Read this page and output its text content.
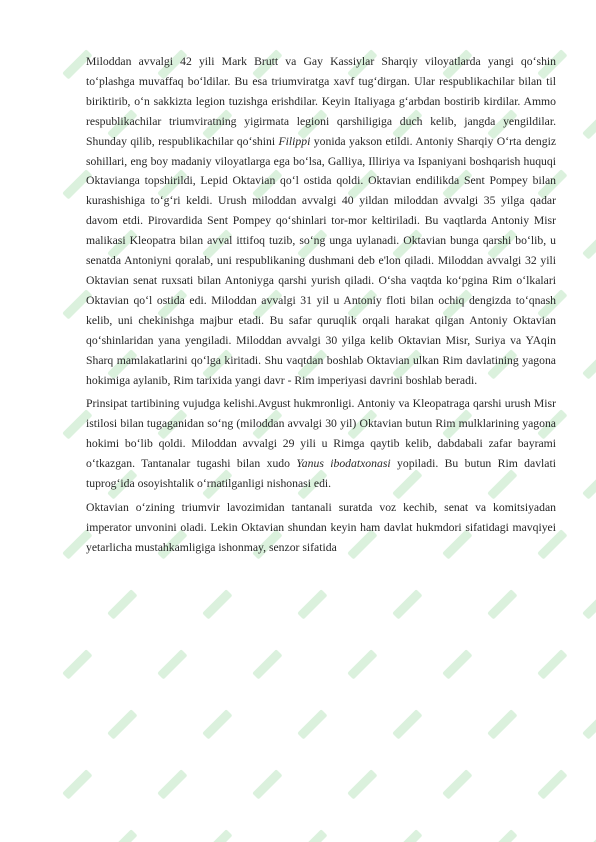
Miloddan avvalgi 42 yili Mark Brutt va Gay Kassiylar Sharqiy viloyatlarda yangi qo‘shin to‘plashga muvaffaq bo‘ldilar. Bu esa triumviratga xavf tug‘dirgan. Ular respublikachilar bilan til biriktirib, o‘n sakkizta legion tuzishga erishdilar. Keyin Italiyaga g‘arbdan bostirib kirdilar. Ammo respublikachilar triumviratning yigirmata legioni qarshiligiga duch kelib, jangda yengildilar. Shunday qilib, respublikachilar qo‘shini Filippi yonida yakson etildi. Antoniy Sharqiy O‘rta dengiz sohillari, eng boy madaniy viloyatlarga ega bo‘lsa, Galliya, Illiriya va Ispaniyani boshqarish huquqi Oktavianga topshirildi, Lepid Oktavian qo‘l ostida qoldi. Oktavian endilikda Sent Pompey bilan kurashishiga to‘g‘ri keldi. Urush miloddan avvalgi 40 yildan miloddan avvalgi 35 yilga qadar davom etdi. Pirovardida Sent Pompey qo‘shinlari tor-mor keltiriladi. Bu vaqtlarda Antoniy Misr malikasi Kleopatra bilan avval ittifoq tuzib, so‘ng unga uylanadi. Oktavian bunga qarshi bo‘lib, u senatda Antoniyni qoralab, uni respublikaning dushmani deb e'lon qiladi. Miloddan avvalgi 32 yili Oktavian senat ruxsati bilan Antoniyga qarshi yurish qiladi. O‘sha vaqtda ko‘pgina Rim o‘lkalari Oktavian qo‘l ostida edi. Miloddan avvalgi 31 yil u Antoniy floti bilan ochiq dengizda to‘qnash kelib, uni chekinishga majbur etadi. Bu safar quruqlik orqali harakat qilgan Antoniy Oktavian qo‘shinlaridan yana yengiladi. Miloddan avvalgi 30 yilga kelib Oktavian Misr, Suriya va YAqin Sharq mamlakatlarini qo‘lga kiritadi. Shu vaqtdan boshlab Oktavian ulkan Rim davlatining yagona hokimiga aylanib, Rim tarixida yangi davr - Rim imperiyasi davrini boshlab beradi.

Prinsipat tartibining vujudga kelishi.Avgust hukmronligi. Antoniy va Kleopatraga qarshi urush Misr istilosi bilan tugaganidan so‘ng (miloddan avvalgi 30 yil) Oktavian butun Rim mulklarining yagona hokimi bo‘lib qoldi. Miloddan avvalgi 29 yili u Rimga qaytib kelib, dabdabali zafar bayrami o‘tkazgan. Tantanalar tugashi bilan xudo Yanus ibodatxonasi yopiladi. Bu butun Rim davlati tuprog‘ida osoyishtalik o‘rnatilganligi nishonasi edi.

Oktavian o‘zining triumvir lavozimidan tantanali suratda voz kechib, senat va komitsiyadan imperator unvonini oladi. Lekin Oktavian shundan keyin ham davlat hukmdori sifatidagi mavqiyei yetarlicha mustahkamligiga ishonmay, senzor sifatida
